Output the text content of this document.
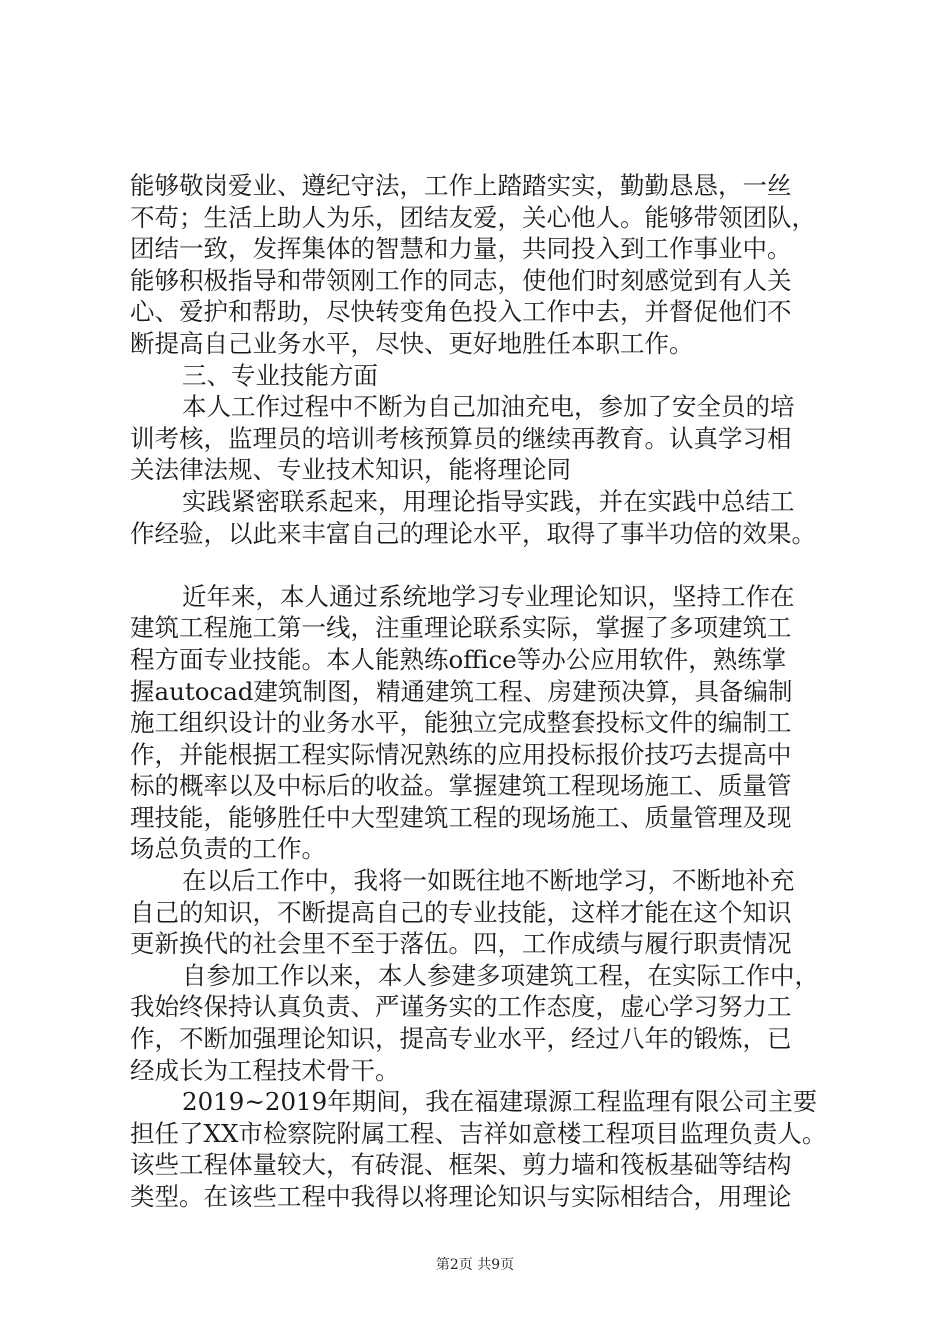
能够敬岗爱业、遵纪守法，工作上踏踏实实，勤勤恳恳，一丝
不苟；生活上助人为乐，团结友爱，关心他人。能够带领团队，
团结一致，发挥集体的智慧和力量，共同投入到工作事业中。
能够积极指导和带领刚工作的同志，使他们时刻感觉到有人关
心、爱护和帮助，尽快转变角色投入工作中去，并督促他们不
断提高自己业务水平，尽快、更好地胜任本职工作。
三、专业技能方面
本人工作过程中不断为自己加油充电，参加了安全员的培
训考核，监理员的培训考核预算员的继续再教育。认真学习相
关法律法规、专业技术知识，能将理论同
实践紧密联系起来，用理论指导实践，并在实践中总结工
作经验，以此来丰富自己的理论水平，取得了事半功倍的效果。
近年来，本人通过系统地学习专业理论知识，坚持工作在
建筑工程施工第一线，注重理论联系实际，掌握了多项建筑工
程方面专业技能。本人能熟练office等办公应用软件，熟练掌
握autocad建筑制图，精通建筑工程、房建预决算，具备编制
施工组织设计的业务水平，能独立完成整套投标文件的编制工
作，并能根据工程实际情况熟练的应用投标报价技巧去提高中
标的概率以及中标后的收益。掌握建筑工程现场施工、质量管
理技能，能够胜任中大型建筑工程的现场施工、质量管理及现
场总负责的工作。
在以后工作中，我将一如既往地不断地学习，不断地补充
自己的知识，不断提高自己的专业技能，这样才能在这个知识
更新换代的社会里不至于落伍。四，工作成绩与履行职责情况
自参加工作以来，本人参建多项建筑工程，在实际工作中，
我始终保持认真负责、严谨务实的工作态度，虚心学习努力工
作，不断加强理论知识，提高专业水平，经过八年的锻炼，已
经成长为工程技术骨干。
2019~2019年期间，我在福建璟源工程监理有限公司主要
担任了XX市检察院附属工程、吉祥如意楼工程项目监理负责人。
该些工程体量较大，有砖混、框架、剪力墙和筏板基础等结构
类型。在该些工程中我得以将理论知识与实际相结合，用理论
第2页 共9页
